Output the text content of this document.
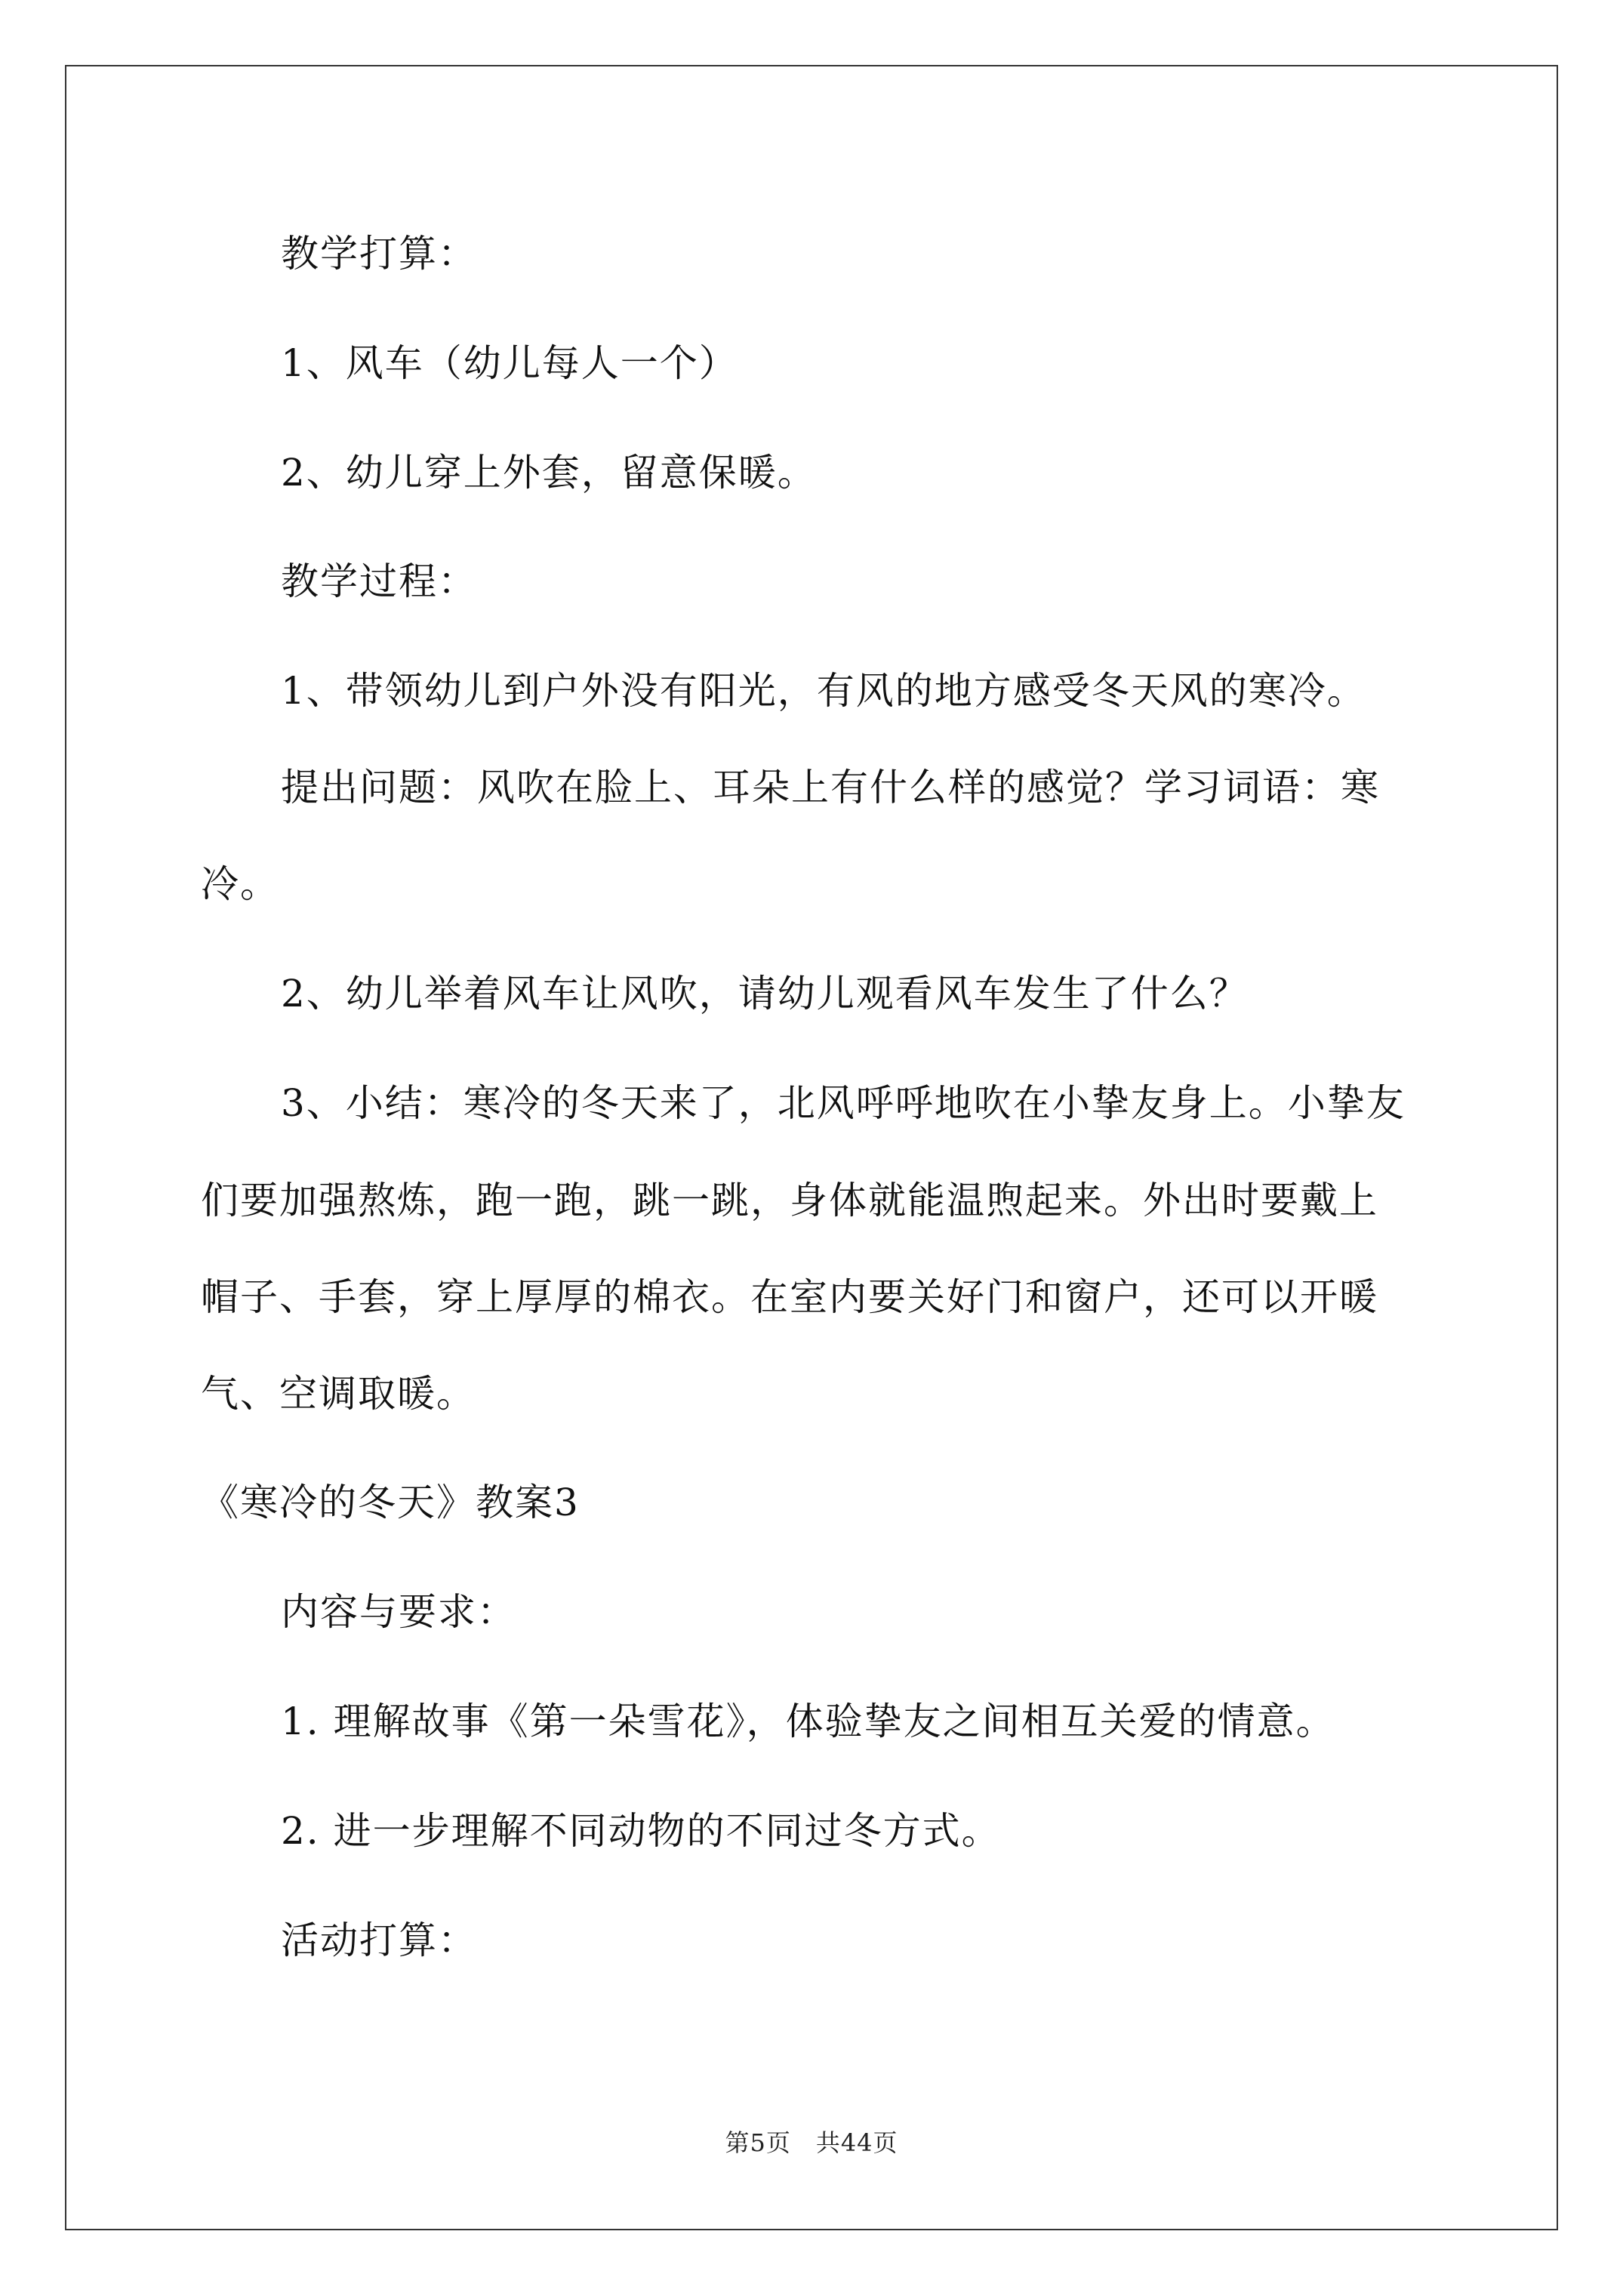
教学打算：
1、风车（幼儿每人一个）
2、幼儿穿上外套，留意保暖。
教学过程：
1、带领幼儿到户外没有阳光，有风的地方感受冬天风的寒冷。
提出问题：风吹在脸上、耳朵上有什么样的感觉？学习词语：寒
冷。
2、幼儿举着风车让风吹，请幼儿观看风车发生了什么？
3、小结：寒冷的冬天来了，北风呼呼地吹在小挚友身上。小挚友
们要加强熬炼，跑一跑，跳一跳，身体就能温煦起来。外出时要戴上
帽子、手套，穿上厚厚的棉衣。在室内要关好门和窗户，还可以开暖
气、空调取暖。
《寒冷的冬天》教案3
内容与要求：
1. 理解故事《第一朵雪花》，体验挚友之间相互关爱的情意。
2. 进一步理解不同动物的不同过冬方式。
活动打算：
第5页　共44页
